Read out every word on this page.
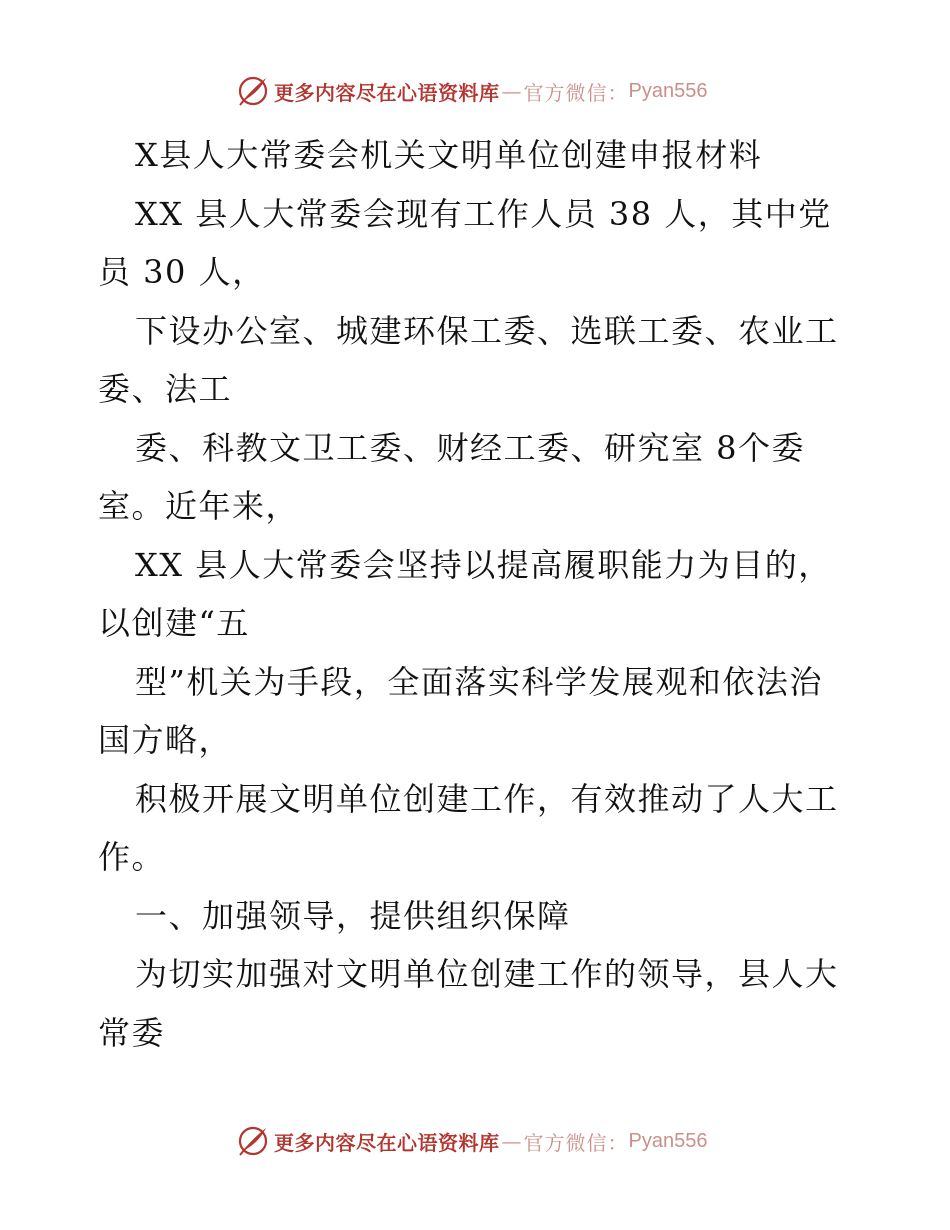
更多内容尽在心语资料库 — 官方微信： Pyan556
X县人大常委会机关文明单位创建申报材料
XX 县人大常委会现有工作人员 38 人，其中党
员 30 人，
下设办公室、城建环保工委、选联工委、农业工
委、法工
委、科教文卫工委、财经工委、研究室 8个委
室。近年来，
XX 县人大常委会坚持以提高履职能力为目的，
以创建“五
型”机关为手段，全面落实科学发展观和依法治
国方略，
积极开展文明单位创建工作，有效推动了人大工
作。
一、加强领导，提供组织保障
为切实加强对文明单位创建工作的领导，县人大
常委
更多内容尽在心语资料库 — 官方微信： Pyan556
